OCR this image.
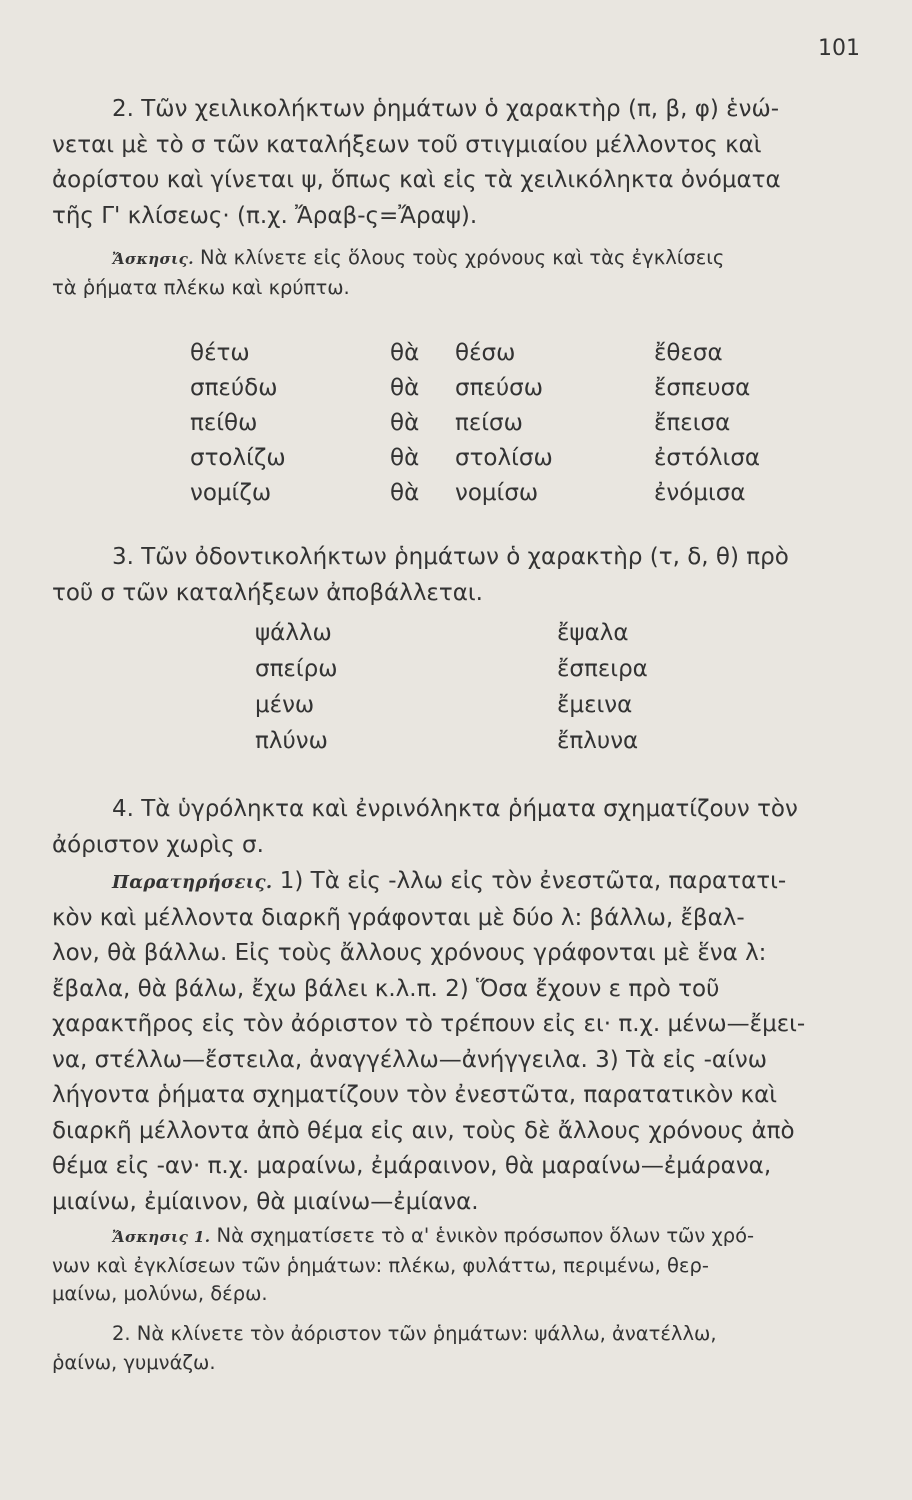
101
2. Τῶν χειλικολήκτων ῥημάτων ὁ χαρακτὴρ (π, β, φ) ἑνώ-
νεται μὲ τὸ σ τῶν καταλήξεων τοῦ στιγμιαίου μέλλοντος καὶ
ἀορίστου καὶ γίνεται ψ, ὅπως καὶ εἰς τὰ χειλικόληκτα ὀνόματα
τῆς Γ' κλίσεως· (π.χ. Ἄραβ-ς=Ἄραψ).
Ἄσκησις. Νὰ κλίνετε εἰς ὅλους τοὺς χρόνους καὶ τὰς ἐγκλίσεις
τὰ ῥήματα πλέκω καὶ κρύπτω.
θέτω
σπεύδω
πείθω
στολίζω
νομίζω
θὰ
θὰ
θὰ
θὰ
θὰ
θέσω
σπεύσω
πείσω
στολίσω
νομίσω
ἔθεσα
ἔσπευσα
ἔπεισα
ἐστόλισα
ἐνόμισα
3. Τῶν ὀδοντικολήκτων ῥημάτων ὁ χαρακτὴρ (τ, δ, θ) πρὸ
τοῦ σ τῶν καταλήξεων ἀποβάλλεται.
ψάλλω
σπείρω
μένω
πλύνω
ἔψαλα
ἔσπειρα
ἔμεινα
ἔπλυνα
4. Τὰ ὑγρόληκτα καὶ ἐνρινόληκτα ῥήματα σχηματίζουν τὸν
ἀόριστον χωρὶς σ.
Παρατηρήσεις. 1) Τὰ εἰς -λλω εἰς τὸν ἐνεστῶτα, παρατατι-
κὸν καὶ μέλλοντα διαρκῆ γράφονται μὲ δύο λ: βάλλω, ἔβαλ-
λον, θὰ βάλλω. Εἰς τοὺς ἄλλους χρόνους γράφονται μὲ ἕνα λ:
ἔβαλα, θὰ βάλω, ἔχω βάλει κ.λ.π. 2) Ὅσα ἔχουν ε πρὸ τοῦ
χαρακτῆρος εἰς τὸν ἀόριστον τὸ τρέπουν εἰς ει· π.χ. μένω—ἔμει-
να, στέλλω—ἔστειλα, ἀναγγέλλω—ἀνήγγειλα. 3) Τὰ εἰς -αίνω
λήγοντα ῥήματα σχηματίζουν τὸν ἐνεστῶτα, παρατατικὸν καὶ
διαρκῆ μέλλοντα ἀπὸ θέμα εἰς αιν, τοὺς δὲ ἄλλους χρόνους ἀπὸ
θέμα εἰς -αν· π.χ. μαραίνω, ἐμάραινον, θὰ μαραίνω—ἐμάρανα,
μιαίνω, ἐμίαινον, θὰ μιαίνω—ἐμίανα.
Ἄσκησις 1. Νὰ σχηματίσετε τὸ α' ἑνικὸν πρόσωπον ὅλων τῶν χρό-
νων καὶ ἐγκλίσεων τῶν ῥημάτων: πλέκω, φυλάττω, περιμένω, θερ-
μαίνω, μολύνω, δέρω.
2. Νὰ κλίνετε τὸν ἀόριστον τῶν ῥημάτων: ψάλλω, ἀνατέλλω,
ῥαίνω, γυμνάζω.
